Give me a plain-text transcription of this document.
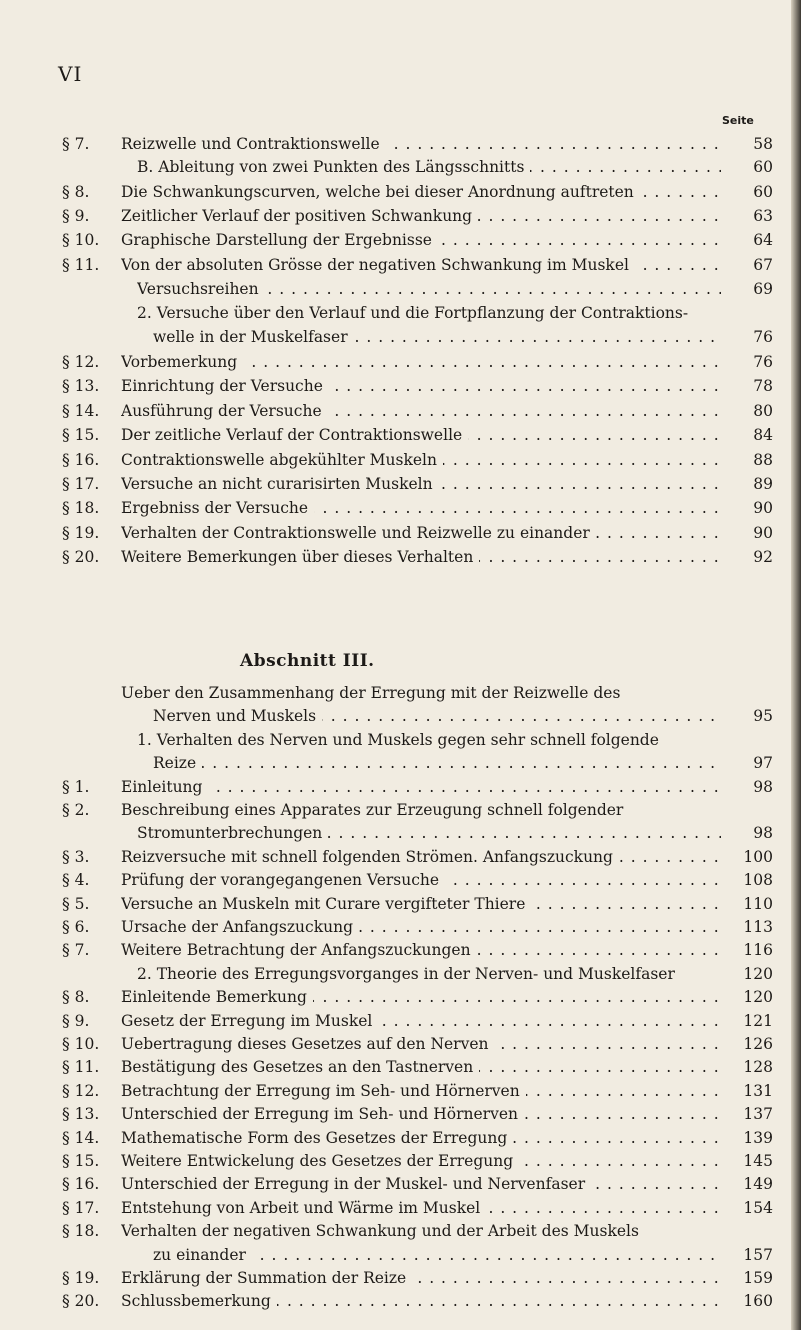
VI
Seite
Abschnitt III.
§ 7.	Reizwelle und Contraktionswelle . . .	58
B. Ableitung von zwei Punkten des Längsschnitts . . .	60
§ 8.	Die Schwankungscurven, welche bei dieser Anordnung auftreten . . .	60
§ 9.	Zeitlicher Verlauf der positiven Schwankung . . .	63
§ 10.	Graphische Darstellung der Ergebnisse . . .	64
§ 11.	Von der absoluten Grösse der negativen Schwankung im Muskel . . .	67
Versuchsreihen . . .	69
2. Versuche über den Verlauf und die Fortpflanzung der Contraktions-
welle in der Muskelfaser . . .	76
§ 12.	Vorbemerkung . . .	76
§ 13.	Einrichtung der Versuche . . .	78
§ 14.	Ausführung der Versuche . . .	80
§ 15.	Der zeitliche Verlauf der Contraktionswelle . . .	84
§ 16.	Contraktionswelle abgekühlter Muskeln . . .	88
§ 17.	Versuche an nicht curarisirten Muskeln . . .	89
§ 18.	Ergebniss der Versuche . . .	90
§ 19.	Verhalten der Contraktionswelle und Reizwelle zu einander . . .	90
§ 20.	Weitere Bemerkungen über dieses Verhalten . . .	92
Ueber den Zusammenhang der Erregung mit der Reizwelle des
Nerven und Muskels . . .	95
1. Verhalten des Nerven und Muskels gegen sehr schnell folgende
Reize . . .	97
§ 1.	Einleitung . . .	98
§ 2.	Beschreibung eines Apparates zur Erzeugung schnell folgender
Stromunterbrechungen . . .	98
§ 3.	Reizversuche mit schnell folgenden Strömen. Anfangszuckung . . .	100
§ 4.	Prüfung der vorangegangenen Versuche . . .	108
§ 5.	Versuche an Muskeln mit Curare vergifteter Thiere . . .	110
§ 6.	Ursache der Anfangszuckung . . .	113
§ 7.	Weitere Betrachtung der Anfangszuckungen . . .	116
2. Theorie des Erregungsvorganges in der Nerven- und Muskelfaser	120
§ 8.	Einleitende Bemerkung . . .	120
§ 9.	Gesetz der Erregung im Muskel . . .	121
§ 10.	Uebertragung dieses Gesetzes auf den Nerven . . .	126
§ 11.	Bestätigung des Gesetzes an den Tastnerven . . .	128
§ 12.	Betrachtung der Erregung im Seh- und Hörnerven . . .	131
§ 13.	Unterschied der Erregung im Seh- und Hörnerven . . .	137
§ 14.	Mathematische Form des Gesetzes der Erregung . . .	139
§ 15.	Weitere Entwickelung des Gesetzes der Erregung . . .	145
§ 16.	Unterschied der Erregung in der Muskel- und Nervenfaser . . .	149
§ 17.	Entstehung von Arbeit und Wärme im Muskel . . .	154
§ 18.	Verhalten der negativen Schwankung und der Arbeit des Muskels
zu einander . . .	157
§ 19.	Erklärung der Summation der Reize . . .	159
§ 20.	Schlussbemerkung . . .	160
